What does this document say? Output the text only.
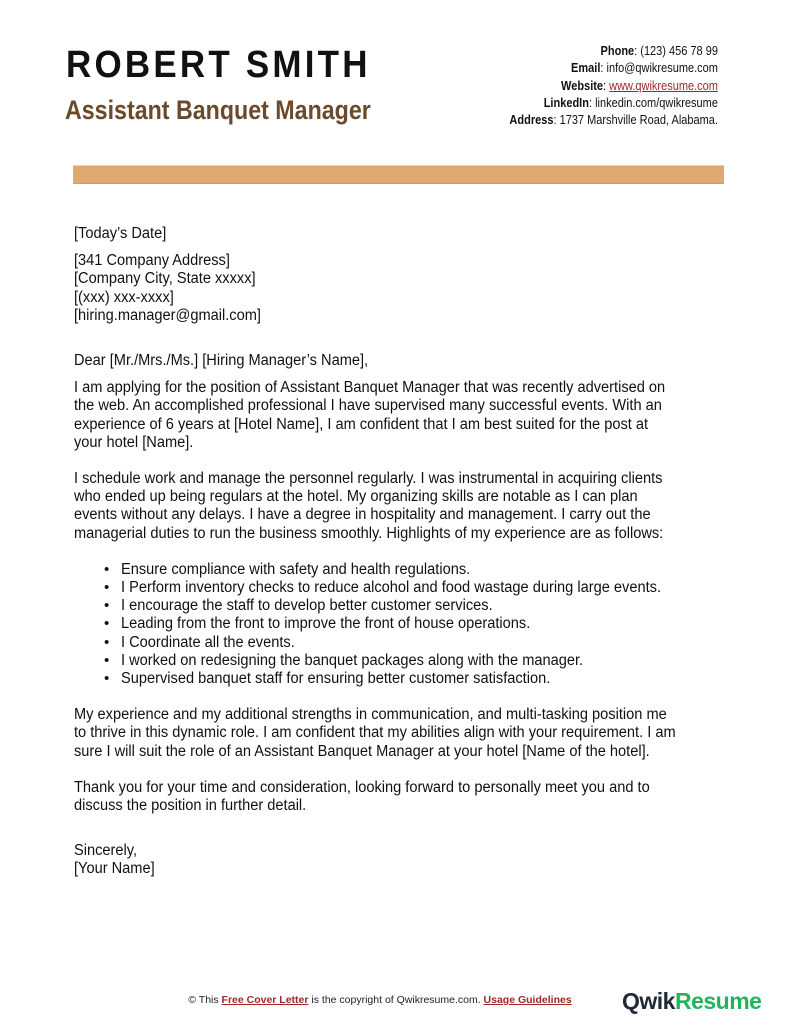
ROBERT SMITH
Assistant Banquet Manager
Phone: (123) 456 78 99
Email: info@qwikresume.com
Website: www.qwikresume.com
LinkedIn: linkedin.com/qwikresume
Address: 1737 Marshville Road, Alabama.

[Today’s Date]

[341 Company Address]

[Company City, State xxxxx]

[(xxx) xxx-xxxx]

[hiring.manager@gmail.com]

Dear [Mr./Mrs./Ms.] [Hiring Manager’s Name],

I am applying for the position of Assistant Banquet Manager that was recently advertised on

the web. An accomplished professional I have supervised many successful events. With an

experience of 6 years at [Hotel Name], I am confident that I am best suited for the post at

your hotel [Name].

I schedule work and manage the personnel regularly. I was instrumental in acquiring clients

who ended up being regulars at the hotel. My organizing skills are notable as I can plan

events without any delays. I have a degree in hospitality and management. I carry out the

managerial duties to run the business smoothly. Highlights of my experience are as follows:

• Ensure compliance with safety and health regulations.
• I Perform inventory checks to reduce alcohol and food wastage during large events.
• I encourage the staff to develop better customer services.
• Leading from the front to improve the front of house operations.
• I Coordinate all the events.
• I worked on redesigning the banquet packages along with the manager.
• Supervised banquet staff for ensuring better customer satisfaction.

My experience and my additional strengths in communication, and multi-tasking position me

to thrive in this dynamic role. I am confident that my abilities align with your requirement. I am

sure I will suit the role of an Assistant Banquet Manager at your hotel [Name of the hotel].

Thank you for your time and consideration, looking forward to personally meet you and to

discuss the position in further detail.

Sincerely,

[Your Name]

© This Free Cover Letter is the copyright of Qwikresume.com. Usage Guidelines	QwikResume
